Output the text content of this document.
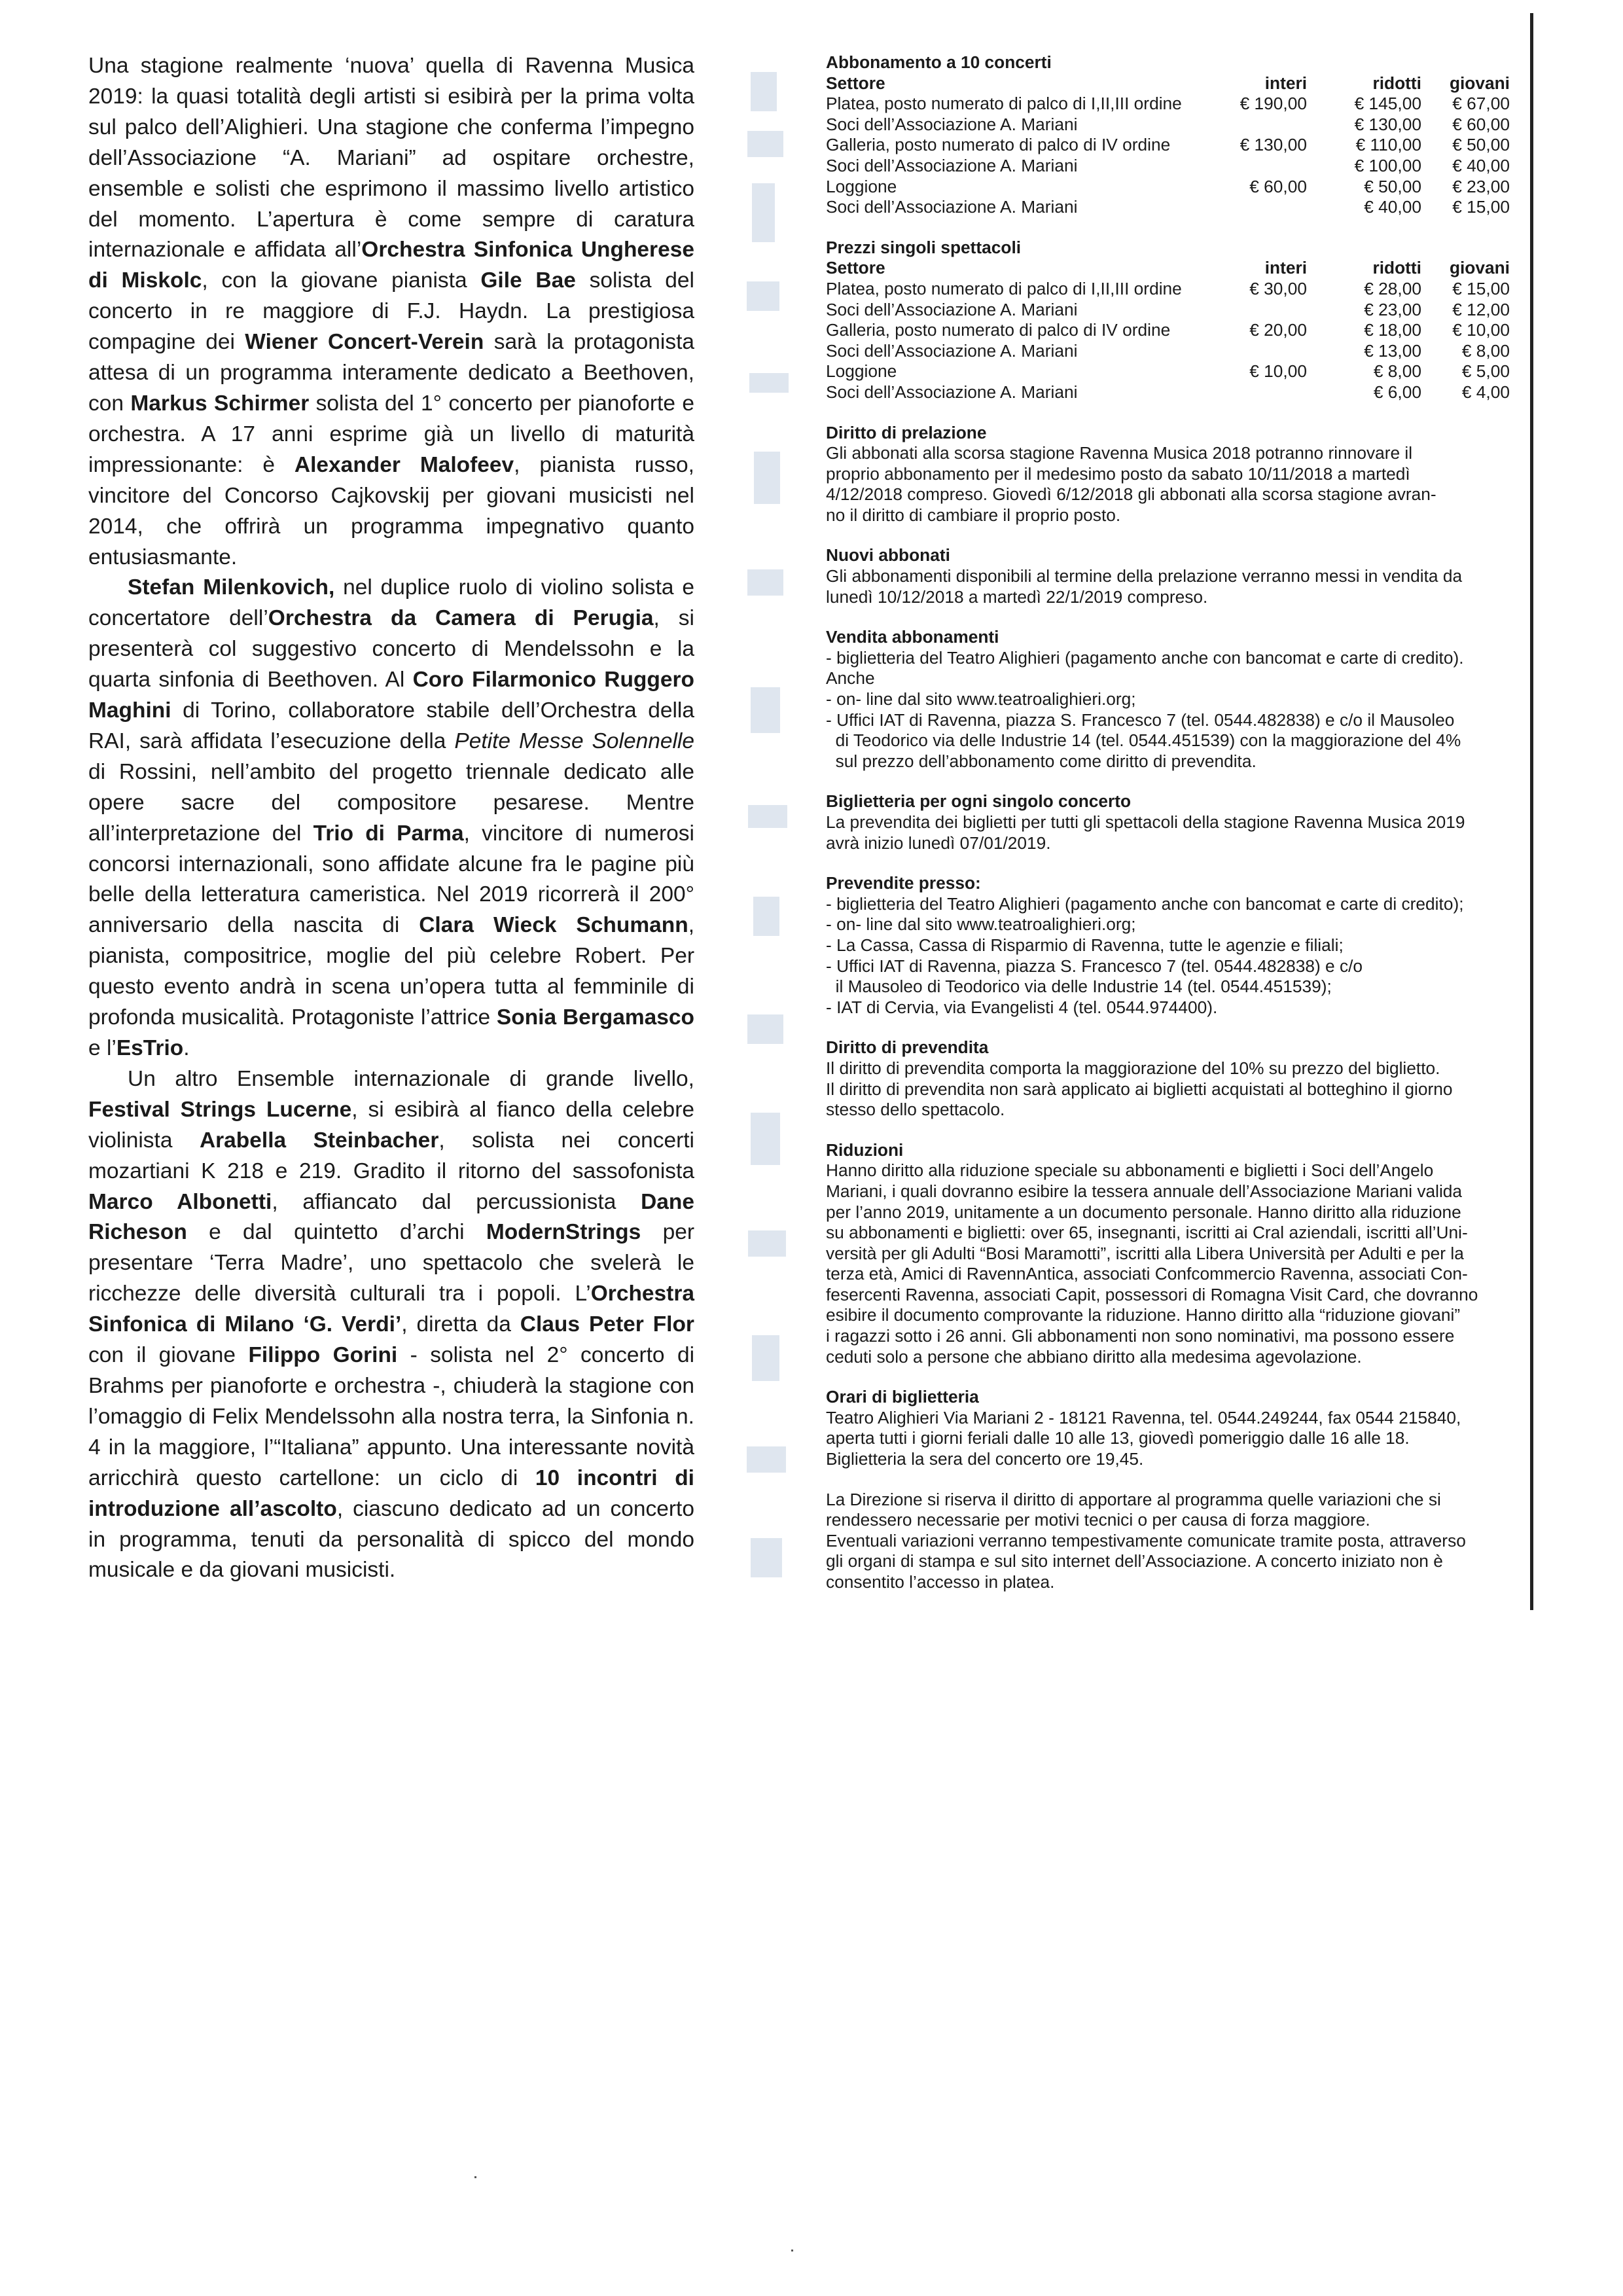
Una stagione realmente ‘nuova’ quella di Ravenna Musica 2019: la quasi totalità degli artisti si esibirà per la prima volta sul palco dell’Alighieri. Una stagione che conferma l’impegno dell’Associazione “A. Mariani” ad ospitare orchestre, ensemble e solisti che esprimono il massimo livello artistico del momento. L’apertura è come sempre di caratura internazionale e affidata all’Orchestra Sinfonica Ungherese di Miskolc, con la giovane pianista Gile Bae solista del concerto in re maggiore di F.J. Haydn. La prestigiosa compagine dei Wiener Concert-Verein sarà la protagonista attesa di un programma interamente dedicato a Beethoven, con Markus Schirmer solista del 1° concerto per pianoforte e orchestra. A 17 anni esprime già un livello di maturità impressionante: è Alexander Malofeev, pianista russo, vincitore del Concorso Cajkovskij per giovani musicisti nel 2014, che offrirà un programma impegnativo quanto entusiasmante.

Stefan Milenkovich, nel duplice ruolo di violino solista e concertatore dell’Orchestra da Camera di Perugia, si presenterà col suggestivo concerto di Mendelssohn e la quarta sinfonia di Beethoven. Al Coro Filarmonico Ruggero Maghini di Torino, collaboratore stabile dell’Orchestra della RAI, sarà affidata l’esecuzione della Petite Messe Solennelle di Rossini, nell’ambito del progetto triennale dedicato alle opere sacre del compositore pesarese. Mentre all’interpretazione del Trio di Parma, vincitore di numerosi concorsi internazionali, sono affidate alcune fra le pagine più belle della letteratura cameristica. Nel 2019 ricorrerà il 200° anniversario della nascita di Clara Wieck Schumann, pianista, compositrice, moglie del più celebre Robert. Per questo evento andrà in scena un’opera tutta al femminile di profonda musicalità. Protagoniste l’attrice Sonia Bergamasco e l’EsTrio.

Un altro Ensemble internazionale di grande livello, Festival Strings Lucerne, si esibirà al fianco della celebre violinista Arabella Steinbacher, solista nei concerti mozartiani K 218 e 219. Gradito il ritorno del sassofonista Marco Albonetti, affiancato dal percussionista Dane Richeson e dal quintetto d’archi ModernStrings per presentare ‘Terra Madre’, uno spettacolo che svelerà le ricchezze delle diversità culturali tra i popoli. L’Orchestra Sinfonica di Milano ‘G. Verdi’, diretta da Claus Peter Flor con il giovane Filippo Gorini - solista nel 2° concerto di Brahms per pianoforte e orchestra -, chiuderà la stagione con l’omaggio di Felix Mendelssohn alla nostra terra, la Sinfonia n. 4 in la maggiore, l’“Italiana” appunto. Una interessante novità arricchirà questo cartellone: un ciclo di 10 incontri di introduzione all’ascolto, ciascuno dedicato ad un concerto in programma, tenuti da personalità di spicco del mondo musicale e da giovani musicisti.

Abbonamento a 10 concerti
Settore	interi	ridotti	giovani	
Platea, posto numerato di palco di I,II,III ordine	€ 190,00	€ 145,00	€ 67,00	
Soci dell’Associazione A. Mariani		€ 130,00	€ 60,00	
Galleria, posto numerato di palco di IV ordine	€ 130,00	€ 110,00	€ 50,00	
Soci dell’Associazione A. Mariani		€ 100,00	€ 40,00	
Loggione	€ 60,00	€ 50,00	€ 23,00	
Soci dell’Associazione A. Mariani		€ 40,00	€ 15,00	
Prezzi singoli spettacoli
Settore	interi	ridotti	giovani	
Platea, posto numerato di palco di I,II,III ordine	€ 30,00	€ 28,00	€ 15,00	
Soci dell’Associazione A. Mariani		€ 23,00	€ 12,00	
Galleria, posto numerato di palco di IV ordine	€ 20,00	€ 18,00	€ 10,00	
Soci dell’Associazione A. Mariani		€ 13,00	€ 8,00	
Loggione	€ 10,00	€ 8,00	€ 5,00	
Soci dell’Associazione A. Mariani		€ 6,00	€ 4,00	
Diritto di prelazione

Gli abbonati alla scorsa stagione Ravenna Musica 2018 potranno rinnovare il

proprio abbonamento per il medesimo posto da sabato 10/11/2018 a martedì

4/12/2018 compreso. Giovedì 6/12/2018 gli abbonati alla scorsa stagione avran-

no il diritto di cambiare il proprio posto.

Nuovi abbonati

Gli abbonamenti disponibili al termine della prelazione verranno messi in vendita da

lunedì 10/12/2018 a martedì 22/1/2019 compreso.

Vendita abbonamenti

- biglietteria del Teatro Alighieri (pagamento anche con bancomat e carte di credito).

Anche

- on- line dal sito www.teatroalighieri.org;

- Uffici IAT di Ravenna, piazza S. Francesco 7 (tel. 0544.482838) e c/o il Mausoleo

di Teodorico via delle Industrie 14 (tel. 0544.451539) con la maggiorazione del 4%

sul prezzo dell’abbonamento come diritto di prevendita.

Biglietteria per ogni singolo concerto

La prevendita dei biglietti per tutti gli spettacoli della stagione Ravenna Musica 2019

avrà inizio lunedì 07/01/2019.

Prevendite presso:

- biglietteria del Teatro Alighieri (pagamento anche con bancomat e carte di credito);

- on- line dal sito www.teatroalighieri.org;

- La Cassa, Cassa di Risparmio di Ravenna, tutte le agenzie e filiali;

- Uffici IAT di Ravenna, piazza S. Francesco 7 (tel. 0544.482838) e c/o

il Mausoleo di Teodorico via delle Industrie 14 (tel. 0544.451539);

- IAT di Cervia, via Evangelisti 4 (tel. 0544.974400).

Diritto di prevendita

Il diritto di prevendita comporta la maggiorazione del 10% su prezzo del biglietto.

Il diritto di prevendita non sarà applicato ai biglietti acquistati al botteghino il giorno

stesso dello spettacolo.

Riduzioni

Hanno diritto alla riduzione speciale su abbonamenti e biglietti i Soci dell’Angelo

Mariani, i quali dovranno esibire la tessera annuale dell’Associazione Mariani valida

per l’anno 2019, unitamente a un documento personale. Hanno diritto alla riduzione

su abbonamenti e biglietti: over 65, insegnanti, iscritti ai Cral aziendali, iscritti all’Uni-

versità per gli Adulti “Bosi Maramotti”, iscritti alla Libera Università per Adulti e per la

terza età, Amici di RavennAntica, associati Confcommercio Ravenna, associati Con-

fesercenti Ravenna, associati Capit, possessori di Romagna Visit Card, che dovranno

esibire il documento comprovante la riduzione. Hanno diritto alla “riduzione giovani”

i ragazzi sotto i 26 anni. Gli abbonamenti non sono nominativi, ma possono essere

ceduti solo a persone che abbiano diritto alla medesima agevolazione.

Orari di biglietteria

Teatro Alighieri Via Mariani 2 - 18121 Ravenna, tel. 0544.249244, fax 0544 215840,

aperta tutti i giorni feriali dalle 10 alle 13, giovedì pomeriggio dalle 16 alle 18.

Biglietteria la sera del concerto ore 19,45.

La Direzione si riserva il diritto di apportare al programma quelle variazioni che si

rendessero necessarie per motivi tecnici o per causa di forza maggiore.

Eventuali variazioni verranno tempestivamente comunicate tramite posta, attraverso

gli organi di stampa e sul sito internet dell’Associazione. A concerto iniziato non è

consentito l’accesso in platea.
